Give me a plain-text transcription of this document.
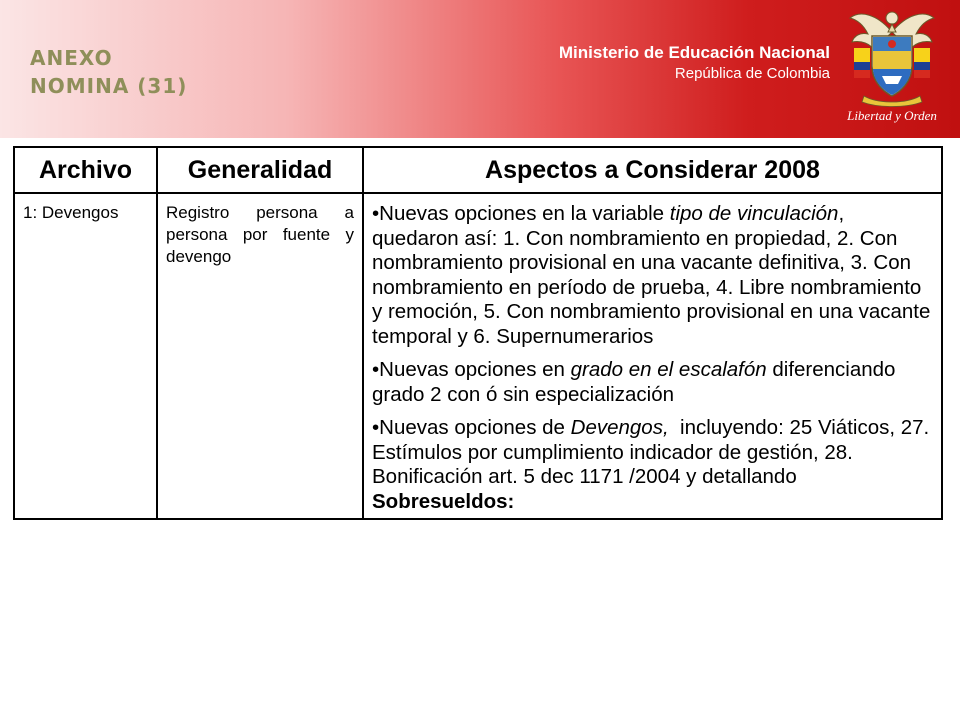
ANEXO
NOMINA (31)
Ministerio de Educación Nacional
República de Colombia
Libertad y Orden
Archivo	Generalidad	Aspectos a Considerar 2008
1: Devengos	Registro persona a persona por fuente y devengo	•Nuevas opciones en la variable tipo de vinculación, quedaron así: 1. Con nombramiento en propiedad, 2. Con nombramiento provisional en una vacante definitiva, 3. Con nombramiento en período de prueba, 4. Libre nombramiento y remoción, 5. Con nombramiento provisional en una vacante temporal y 6. Supernumerarios

•Nuevas opciones en grado en el escalafón diferenciando grado 2 con ó sin especialización

•Nuevas opciones de Devengos,  incluyendo: 25 Viáticos, 27. Estímulos por cumplimiento indicador de gestión, 28. Bonificación art. 5 dec 1171 /2004 y detallando Sobresueldos:
